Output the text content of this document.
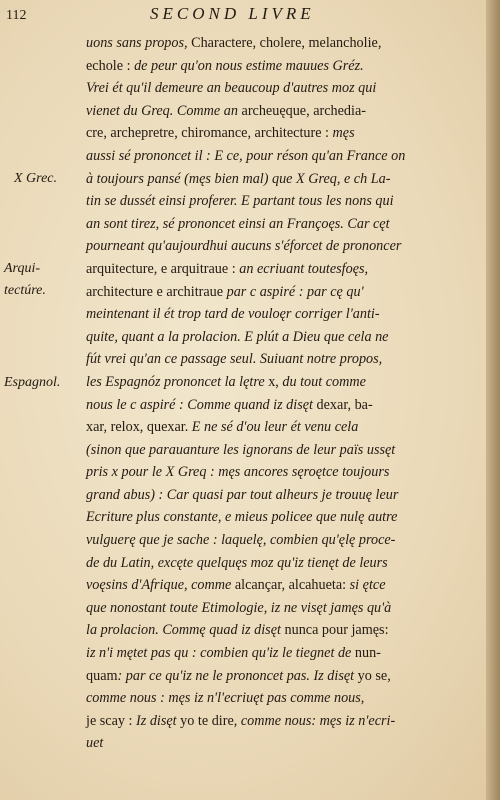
112	SECOND LIVRE
X Grec.
Arqui-
tectúre.
Espagnol.
uons sans propos, Charactere, cholere, melancholie,
echole : de peur qu'on nous estime mauues Gréz.
Vrei ét qu'il demeure an beaucoup d'autres moz qui
vienet du Greq. Comme an archeuęque, archedia-
cre, archepretre, chiromance, architecture : męs
aussi sé prononcet il : E ce, pour réson qu'an France on
à toujours pansé (męs bien mal) que X Greq, e ch La-
tin se dussét einsi proferer. E partant tous les nons qui
an sont tirez, sé prononcet einsi an Françoęs. Car cęt
pourneant qu'aujourdhui aucuns s'éforcet de prononcer
arquitecture, e arquitraue : an ecriuant toutesfoęs,
architecture e architraue par c aspiré : par cę qu'
meintenant il ét trop tard de vouloęr corriger l'anti-
quite, quant a la prolacion. E plút a Dieu que cela ne
fút vrei qu'an ce passage seul. Suiuant notre propos,
les Espagnóz prononcet la lętre x, du tout comme
nous le c aspiré : Comme quand iz disęt dexar, ba-
xar, relox, quexar. E ne sé d'ou leur ét venu cela
(sinon que parauanture les ignorans de leur païs ussęt
pris x pour le X Greq : męs ancores sęroętce toujours
grand abus) : Car quasi par tout alheurs je trouuę leur
Ecriture plus constante, e mieus policee que nulę autre
vulguerę que je sache : laquelę, combien qu'ęlę proce-
de du Latin, excęte quelquęs moz qu'iz tienęt de leurs
voęsins d'Afrique, comme alcançar, alcahueta: si ętce
que nonostant toute Etimologie, iz ne visęt jamęs qu'à
la prolacion. Commę quad iz disęt nunca pour jamęs:
iz n'i mętet pas qu : combien qu'iz le tiegnet de nun-
quam: par ce qu'iz ne le prononcet pas. Iz disęt yo se,
comme nous : męs iz n'l'ecriuęt pas comme nous,
je scay : Iz disęt yo te dire, comme nous: męs iz n'ecri-
uet
